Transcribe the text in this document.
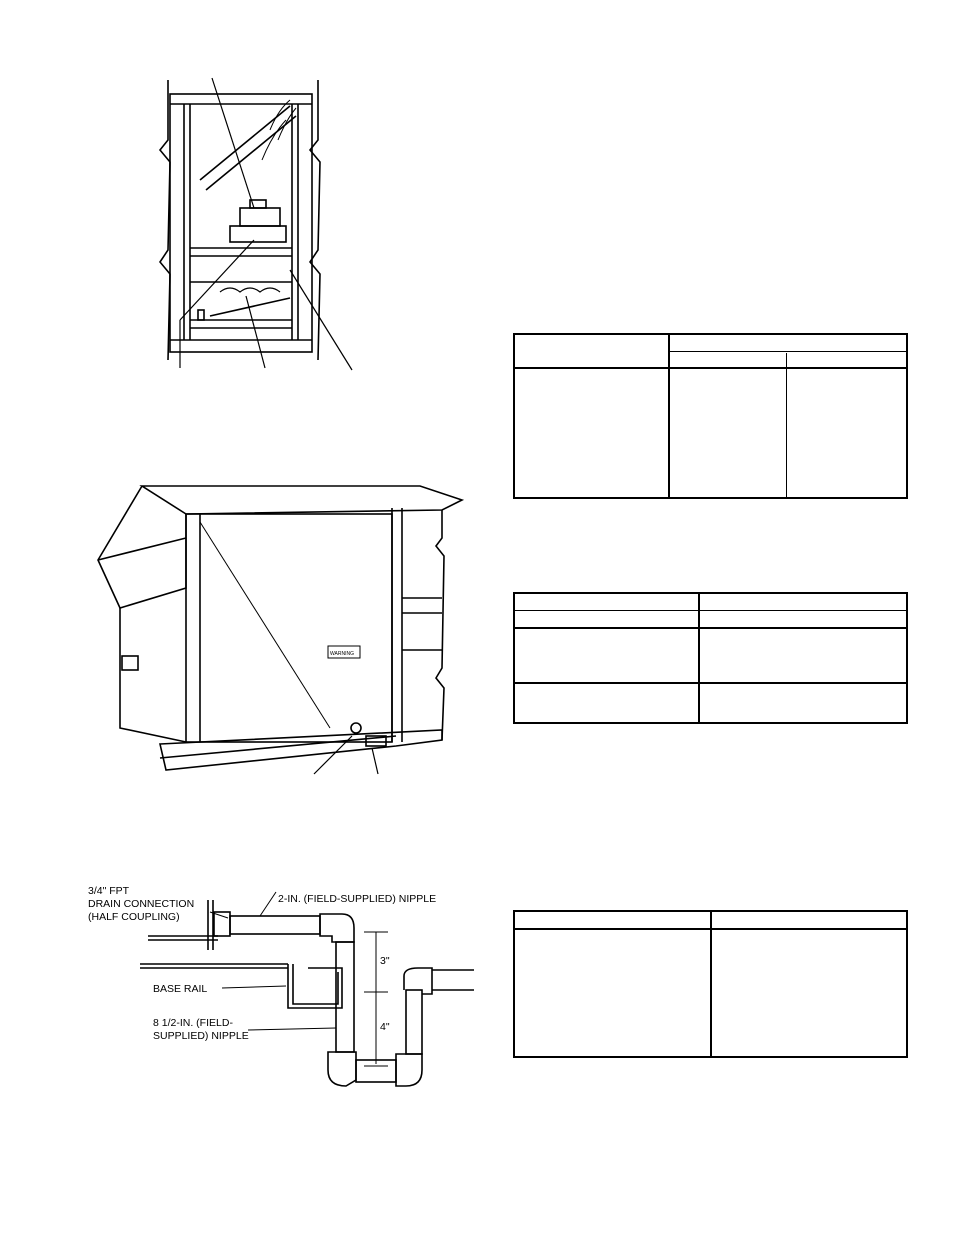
WARNING
3/4" FPT
DRAIN CONNECTION
(HALF COUPLING)
2-IN. (FIELD-SUPPLIED) NIPPLE
BASE RAIL
8 1/2-IN. (FIELD-
SUPPLIED) NIPPLE
3"
4"
